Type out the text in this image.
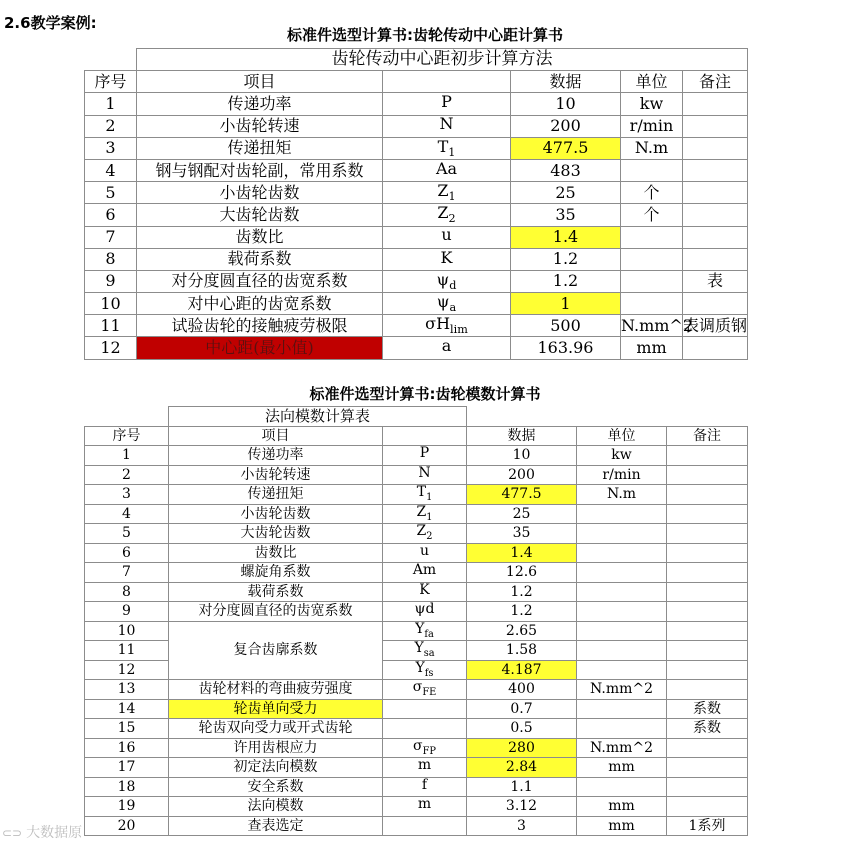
2.6教学案例:
标准件选型计算书:齿轮传动中心距计算书
	齿轮传动中心距初步计算方法				
序号	项目		数据	单位	备注
1	传递功率	P	10	kw	
2	小齿轮转速	N	200	r/min	
3	传递扭矩	$T_1$	477.5	N.m	
4	钢与钢配对齿轮副，常用系数	Aa	483		
5	小齿轮齿数	$Z_1$	25	个	
6	大齿轮齿数	$Z_2$	35	个	
7	齿数比	u	1.4		
8	载荷系数	K	1.2		
9	对分度圆直径的齿宽系数	$\psi_d$	1.2		表
10	对中心距的齿宽系数	$\psi_a$	1		
11	试验齿轮的接触疲劳极限	$\sigma H_{lim}$	500	N.mm^2	表调质钢
12	中心距(最小值)	a	163.96	mm	
标准件选型计算书:齿轮模数计算书
	法向模数计算表				
序号	项目		数据	单位	备注
1	传递功率	P	10	kw	
2	小齿轮转速	N	200	r/min	
3	传递扭矩	$T_1$	477.5	N.m	
4	小齿轮齿数	$Z_1$	25		
5	大齿轮齿数	$Z_2$	35		
6	齿数比	u	1.4		
7	螺旋角系数	Am	12.6		
8	载荷系数	K	1.2		
9	对分度圆直径的齿宽系数	ψd	1.2		
10	复合齿廓系数	$Y_{fa}$	2.65		
11		$Y_{sa}$	1.58		
12		$Y_{fs}$	4.187		
13	齿轮材料的弯曲疲劳强度	$\sigma_{FE}$	400	N.mm^2	
14	轮齿单向受力		0.7		系数
15	轮齿双向受力或开式齿轮		0.5		系数
16	许用齿根应力	$\sigma_{FP}$	280	N.mm^2	
17	初定法向模数	m	2.84	mm	
18	安全系数	f	1.1		
19	法向模数	m	3.12	mm	
20	查表选定		3	mm	1系列
⊂⊃ 大数据原
